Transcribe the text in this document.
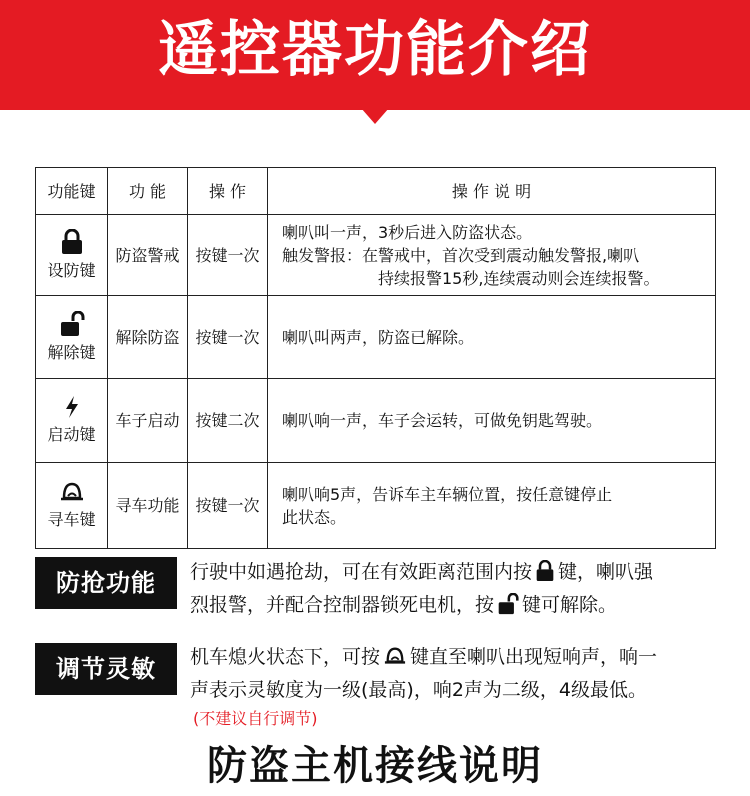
遥控器功能介绍
功能键	功 能	操 作	操 作 说 明

设防键	防盗警戒	按键一次	喇叭叫一声，3秒后进入防盗状态。
触发警报：在警戒中，首次受到震动触发警报,喇叭
持续报警15秒,连续震动则会连续报警。

解除键	解除防盗	按键一次	喇叭叫两声，防盗已解除。

启动键	车子启动	按键二次	喇叭响一声，车子会运转，可做免钥匙驾驶。

寻车键	寻车功能	按键一次	喇叭响5声，告诉车主车辆位置，按任意键停止
此状态。
防抢功能	行驶中如遇抢劫，可在有效距离范围内按 键，喇叭强
烈报警，并配合控制器锁死电机，按 键可解除。
调节灵敏	机车熄火状态下，可按 键直至喇叭出现短响声，响一
声表示灵敏度为一级(最高)，响2声为二级，4级最低。
(不建议自行调节)
防盗主机接线说明
